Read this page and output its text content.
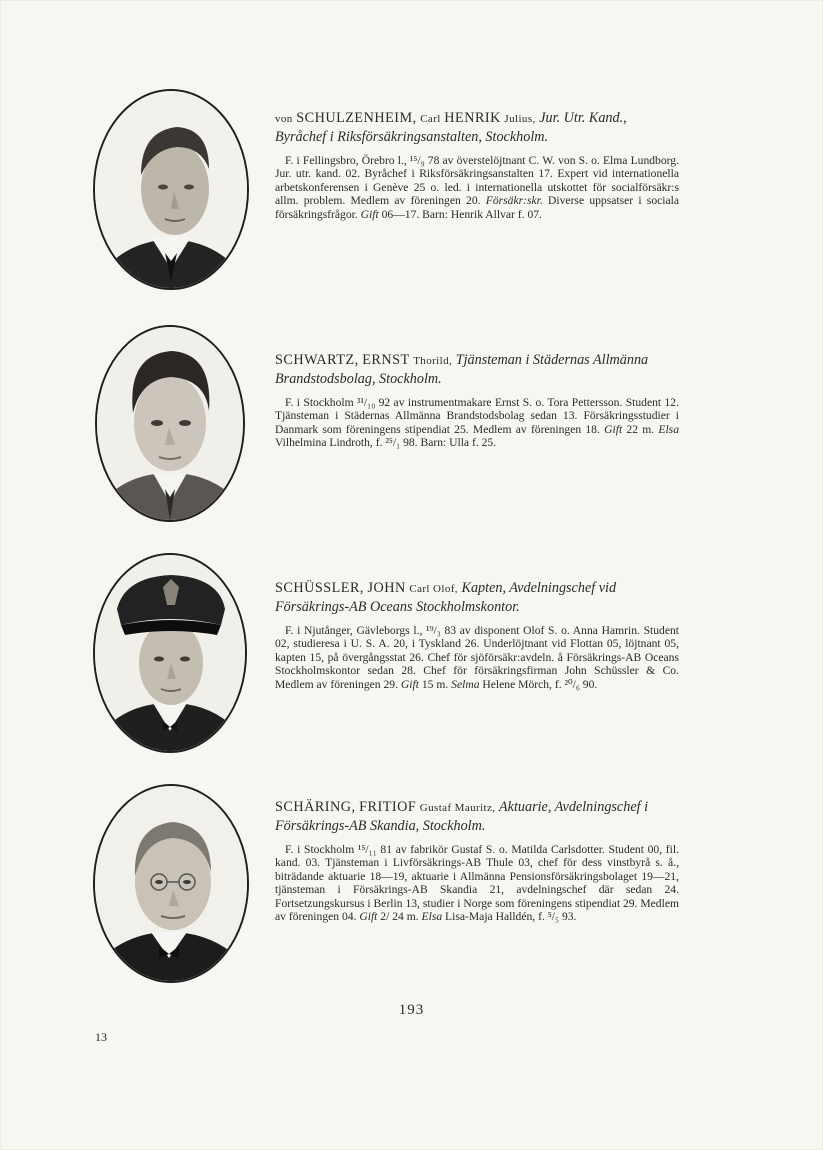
von SCHULZENHEIM, Carl HENRIK Julius, Jur. Utr. Kand., Byråchef i Riksförsäkringsanstalten, Stockholm.

F. i Fellingsbro, Örebro l., ¹⁵/₉ 78 av överstelöjtnant C. W. von S. o. Elma Lundborg. Jur. utr. kand. 02. Byråchef i Riksförsäkringsanstalten 17. Expert vid internationella arbetskonferensen i Genève 25 o. led. i internationella utskottet för socialförsäkr:s allm. problem. Medlem av föreningen 20. Försäkr:skr. Diverse uppsatser i sociala försäkringsfrågor. Gift 06—17. Barn: Henrik Allvar f. 07.

SCHWARTZ, ERNST Thorild, Tjänsteman i Städernas Allmänna Brandstodsbolag, Stockholm.

F. i Stockholm ³¹/₁₀ 92 av instrumentmakare Ernst S. o. Tora Pettersson. Student 12. Tjänsteman i Städernas Allmänna Brandstodsbolag sedan 13. Försäkringsstudier i Danmark som föreningens stipendiat 25. Medlem av föreningen 18. Gift 22 m. Elsa Vilhelmina Lindroth, f. ²⁵/₁ 98. Barn: Ulla f. 25.

SCHÜSSLER, JOHN Carl Olof, Kapten, Avdelningschef vid Försäkrings-AB Oceans Stockholmskontor.

F. i Njutånger, Gävleborgs l., ¹⁹/₃ 83 av disponent Olof S. o. Anna Hamrin. Student 02, studieresa i U. S. A. 20, i Tyskland 26. Underlöjtnant vid Flottan 05, löjtnant 05, kapten 15, på övergångsstat 26. Chef för sjöförsäkr:avdeln. å Försäkrings-AB Oceans Stockholmskontor sedan 28. Chef för försäkringsfirman John Schüssler & Co. Medlem av föreningen 29. Gift 15 m. Selma Helene Mörch, f. ²⁰/₆ 90.

SCHÄRING, FRITIOF Gustaf Mauritz, Aktuarie, Avdelningschef i Försäkrings-AB Skandia, Stockholm.

F. i Stockholm ¹⁵/₁₁ 81 av fabrikör Gustaf S. o. Matilda Carlsdotter. Student 00, fil. kand. 03. Tjänsteman i Livförsäkrings-AB Thule 03, chef för dess vinstbyrå s. å., biträdande aktuarie 18—19, aktuarie i Allmänna Pensionsförsäkringsbolaget 19—21, tjänsteman i Försäkrings-AB Skandia 21, avdelningschef där sedan 24. Fortsetzungskursus i Berlin 13, studier i Norge som föreningens stipendiat 29. Medlem av föreningen 04. Gift 2/ 24 m. Elsa Lisa-Maja Halldén, f. ⁵/₅ 93.

193
13
